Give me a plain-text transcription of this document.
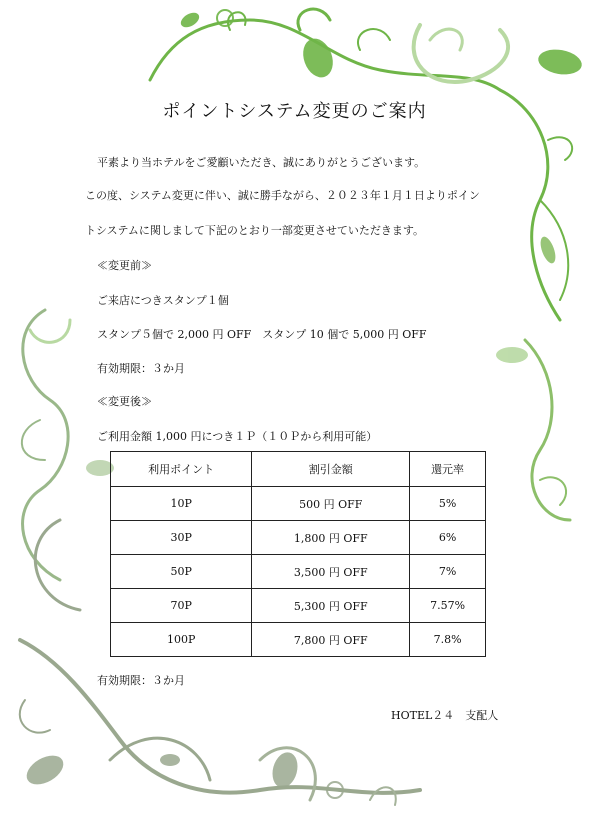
ポイントシステム変更のご案内
平素より当ホテルをご愛顧いただき、誠にありがとうございます。
この度、システム変更に伴い、誠に勝手ながら、２０２３年１月１日よりポイン
トシステムに関しまして下記のとおり一部変更させていただきます。
≪変更前≫
ご来店につきスタンプ１個
スタンプ５個で 2,000 円 OFF　スタンプ 10 個で 5,000 円 OFF
有効期限：３か月
≪変更後≫
ご利用金額 1,000 円につき１Ｐ（１０Ｐから利用可能）
利用ポイント	割引金額	還元率
10P	500 円 OFF	5%
30P	1,800 円 OFF	6%
50P	3,500 円 OFF	7%
70P	5,300 円 OFF	7.57%
100P	7,800 円 OFF	7.8%
有効期限：３か月
HOTEL２４　支配人
